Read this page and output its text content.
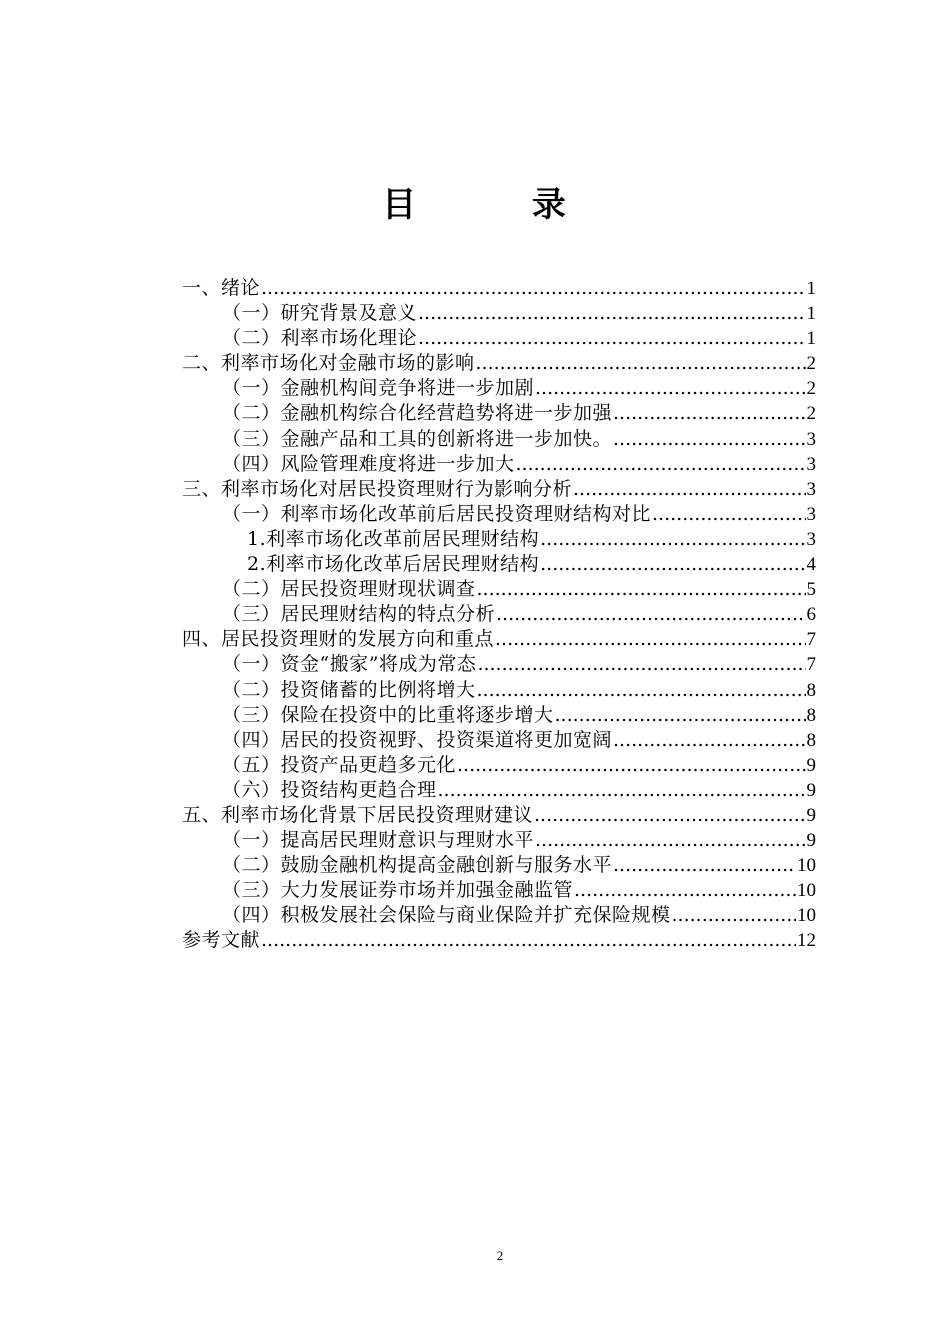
目 录
一、绪论 .....	1
（一）研究背景及意义 .....	1
（二）利率市场化理论 .....	1
二、利率市场化对金融市场的影响 .....	2
（一）金融机构间竞争将进一步加剧 .....	2
（二）金融机构综合化经营趋势将进一步加强 .....	2
（三）金融产品和工具的创新将进一步加快。 .....	3
（四）风险管理难度将进一步加大 .....	3
三、利率市场化对居民投资理财行为影响分析 .....	3
（一）利率市场化改革前后居民投资理财结构对比 .....	3
1.利率市场化改革前居民理财结构 .....	3
2.利率市场化改革后居民理财结构 .....	4
（二）居民投资理财现状调查 .....	5
（三）居民理财结构的特点分析 .....	6
四、居民投资理财的发展方向和重点 .....	7
（一）资金“搬家”将成为常态 .....	7
（二）投资储蓄的比例将增大 .....	8
（三）保险在投资中的比重将逐步增大 .....	8
（四）居民的投资视野、投资渠道将更加宽阔 .....	8
（五）投资产品更趋多元化 .....	9
（六）投资结构更趋合理 .....	9
五、利率市场化背景下居民投资理财建议 .....	9
（一）提高居民理财意识与理财水平 .....	9
（二）鼓励金融机构提高金融创新与服务水平 .....	10
（三）大力发展证券市场并加强金融监管 .....	10
（四）积极发展社会保险与商业保险并扩充保险规模 .....	10
参考文献 .....	12
2
